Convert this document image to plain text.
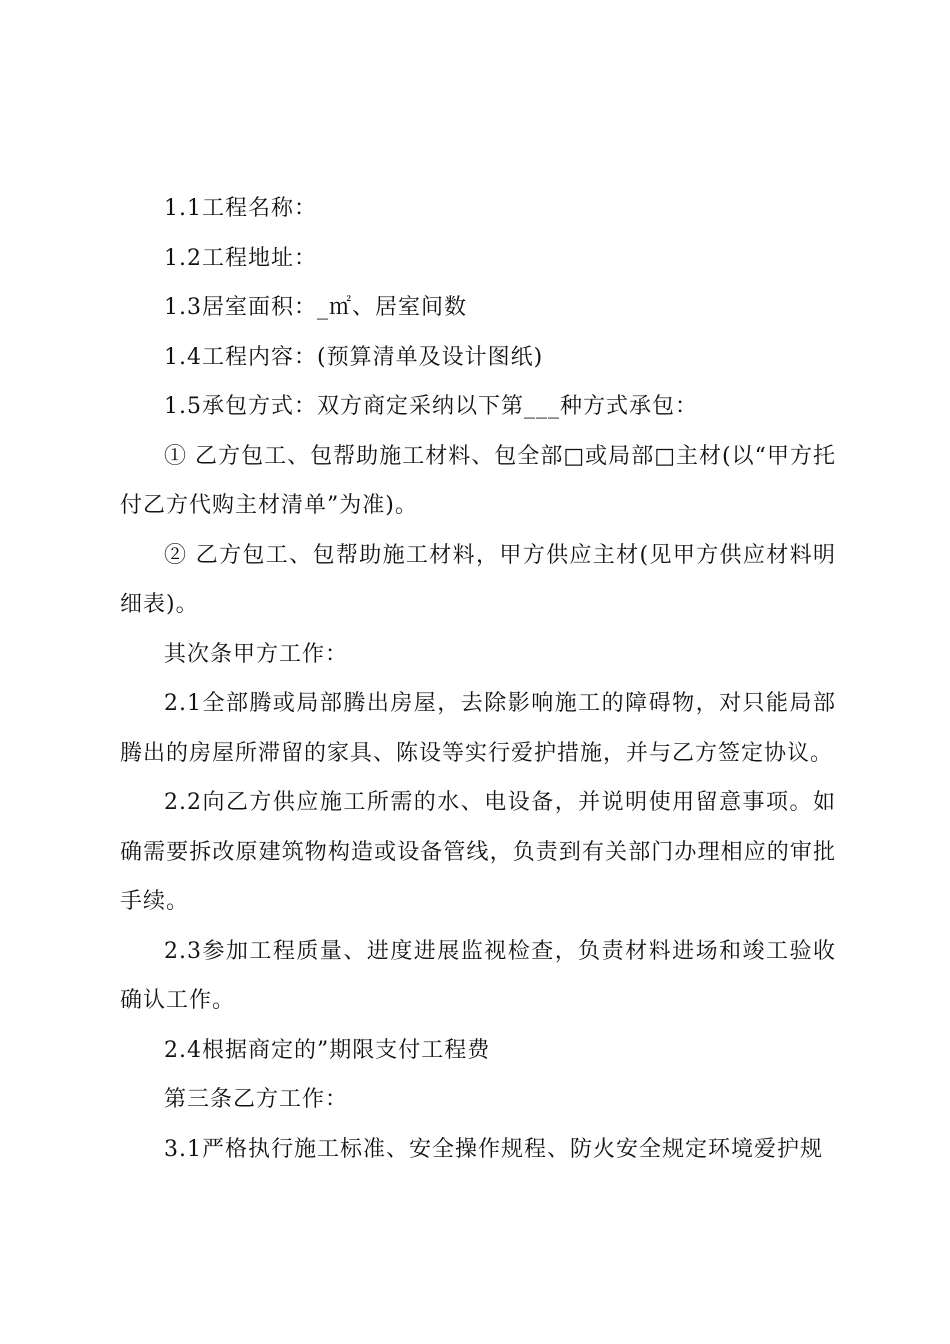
1.1工程名称：

1.2工程地址：

1.3居室面积：_㎡、居室间数

1.4工程内容：(预算清单及设计图纸)

1.5承包方式：双方商定采纳以下第___种方式承包：

① 乙方包工、包帮助施工材料、包全部□或局部□主材(以“甲方托付乙方代购主材清单”为准)。

② 乙方包工、包帮助施工材料，甲方供应主材(见甲方供应材料明细表)。

其次条甲方工作：

2.1全部腾或局部腾出房屋，去除影响施工的障碍物，对只能局部腾出的房屋所滞留的家具、陈设等实行爱护措施，并与乙方签定协议。

2.2向乙方供应施工所需的水、电设备，并说明使用留意事项。如确需要拆改原建筑物构造或设备管线，负责到有关部门办理相应的审批手续。

2.3参加工程质量、进度进展监视检查，负责材料进场和竣工验收确认工作。

2.4根据商定的”期限支付工程费

第三条乙方工作：

3.1严格执行施工标准、安全操作规程、防火安全规定环境爱护规
